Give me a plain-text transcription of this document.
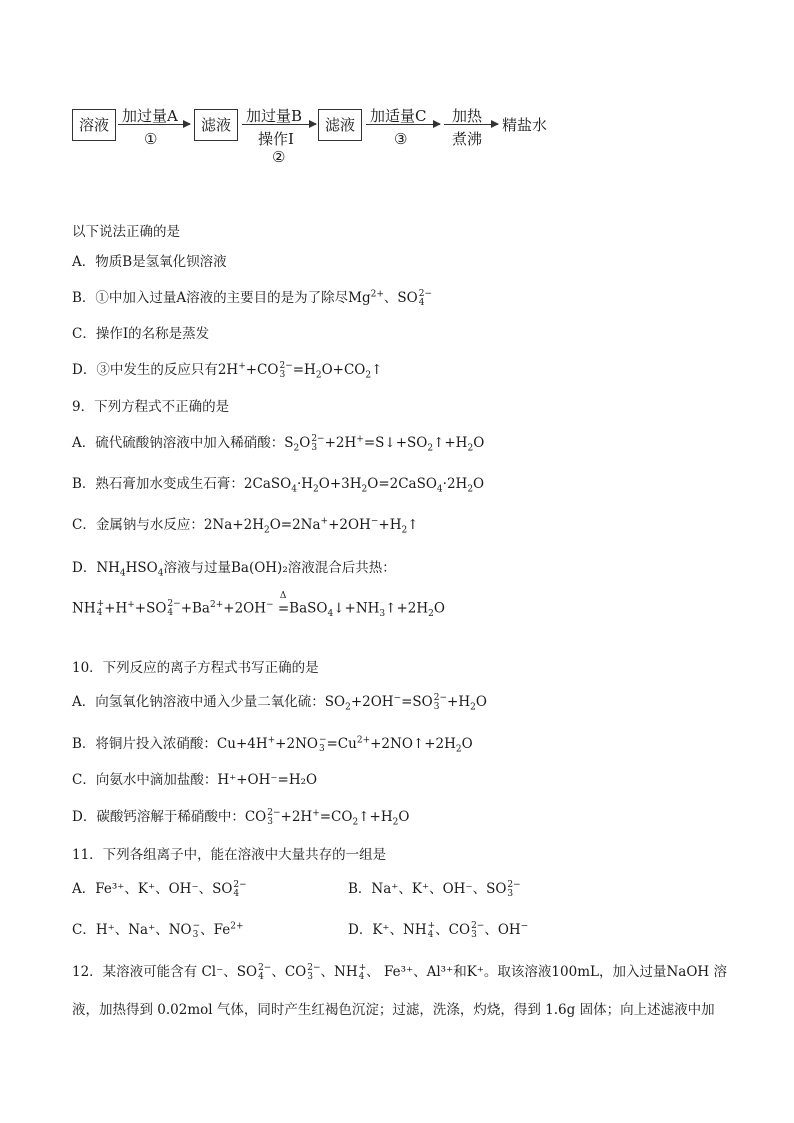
溶液 加过量A
①
滤液 加过量B
操作I
②
滤液 加适量C
③
加热
煮沸
精盐水
以下说法正确的是
A．物质B是氢氧化钡溶液
B．①中加入过量A溶液的主要目的是为了除尽$Mg^{2+}$、SO 2−
4
C．操作I的名称是蒸发
D．③中发生的反应只有2H++CO 2−
$3 =H_2O+CO_2↑$
9．下列方程式不正确的是
A．硫代硫酸钠溶液中加入稀硝酸：$S_2O$ 2−
$3 +2H^+=S↓+SO_2↑+H_2O$
B．熟石膏加水变成生石膏：$2CaSO_4\cdot H_2O+3H_2O=2CaSO_4\cdot 2H_2O$
C．金属钠与水反应：$2Na+2H_2O=2Na^++2OH^-+H_2↑$
D．$NH_4HSO_4$溶液与过量Ba(OH)₂溶液混合后共热：
NH +
4 +H++SO 2−
$4 +Ba^{2+}+2OH^-$ =
Δ
$BaSO_4↓+NH_3↑+2H_2O$
10．下列反应的离子方程式书写正确的是
A．向氢氧化钠溶液中通入少量二氧化硫：$SO_2+2OH^-=SO$ 2−
$3 +H_2O$
B．将铜片投入浓硝酸：Cu+4H++2NO −
$3 =Cu^{2+}+2NO↑+2H_2O$
C．向氨水中滴加盐酸：H⁺+OH⁻=H₂O
D．碳酸钙溶解于稀硝酸中：CO 2−
$3 +2H^+=CO_2↑+H_2O$
11．下列各组离子中，能在溶液中大量共存的一组是
A．Fe³⁺、K⁺、OH⁻、SO 2−
4	B．Na⁺、K⁺、OH⁻、SO 2−
3
C．H⁺、Na⁺、NO −
3 、$Fe^{2+}$	D．K⁺、NH +
4 、CO 2−
3 、OH−
12．某溶液可能含有 Cl⁻、SO 2−
4 、CO 2−
3 、NH +
4 、 Fe³⁺、Al³⁺和K⁺。取该溶液100mL，加入过量NaOH 溶
液，加热得到 0.02mol 气体，同时产生红褐色沉淀；过滤，洗涤，灼烧，得到 1.6g 固体；向上述滤液中加
